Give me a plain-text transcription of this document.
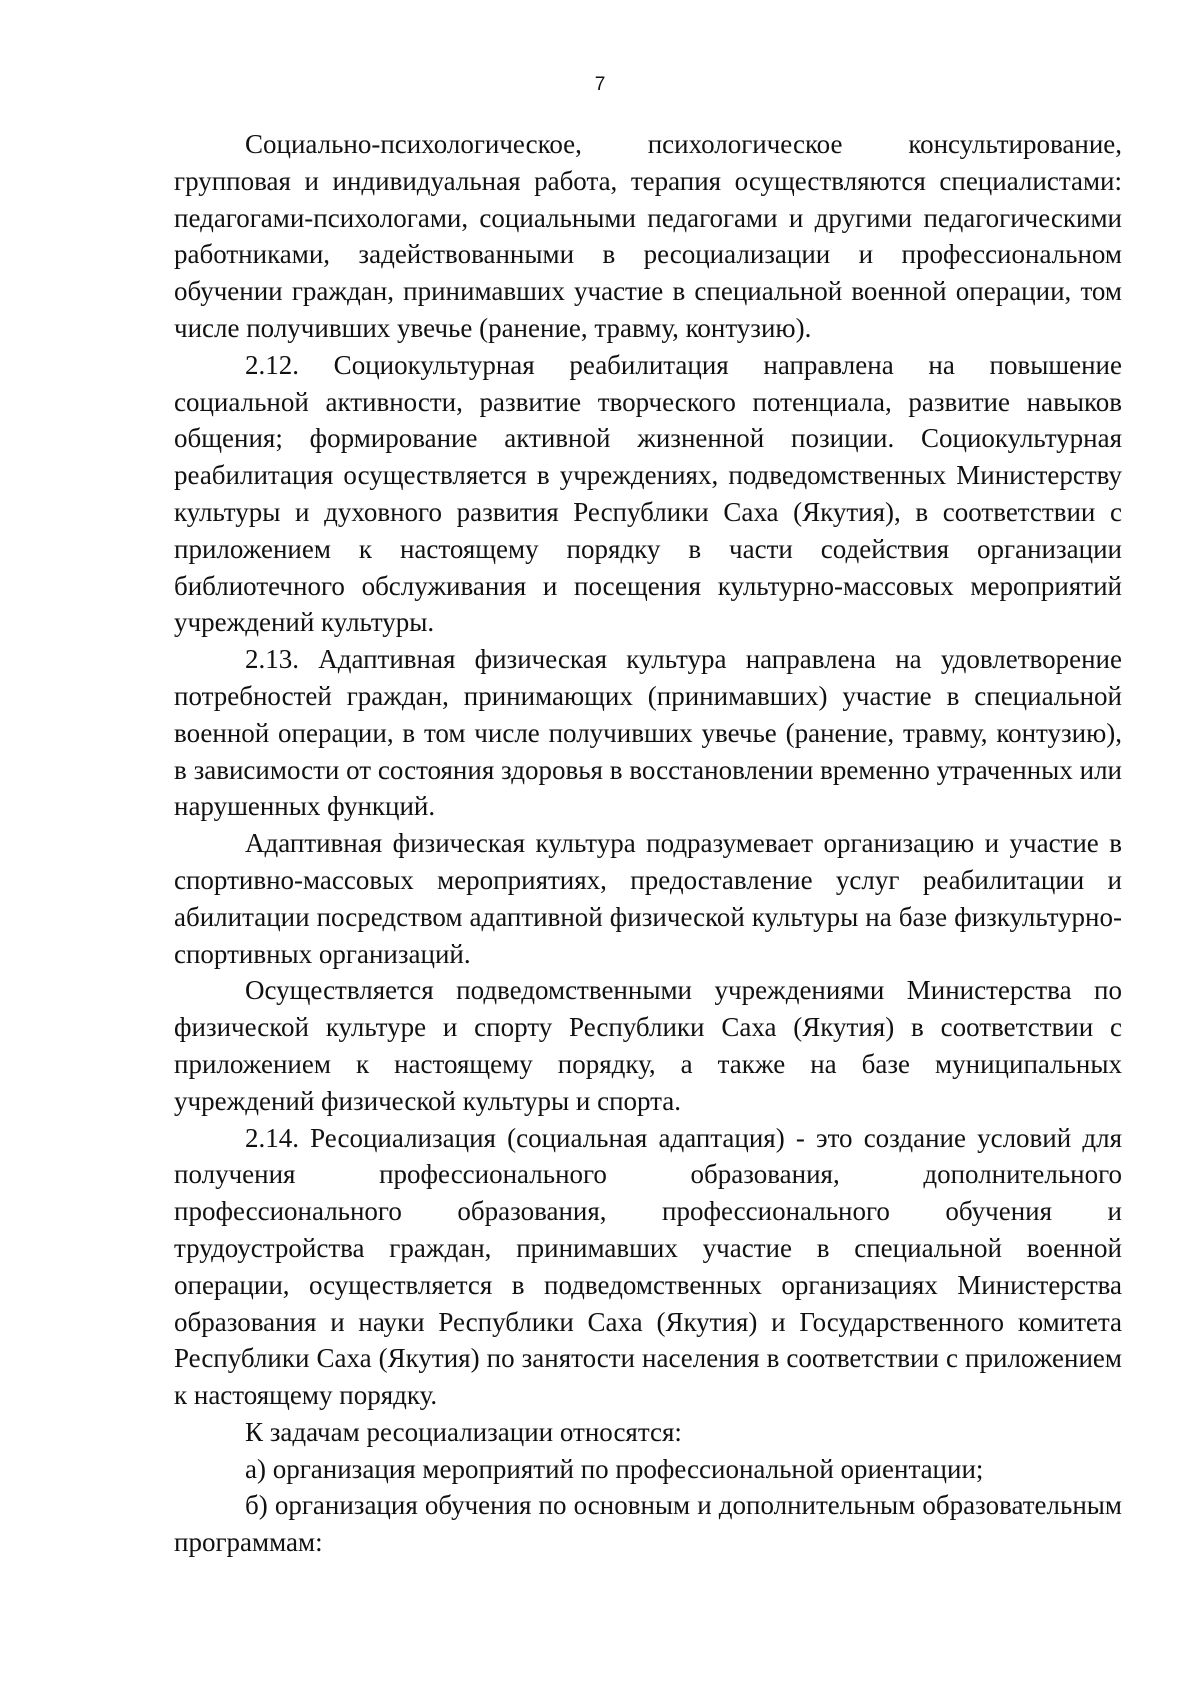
7

Социально-психологическое, психологическое консультирование, групповая и индивидуальная работа, терапия осуществляются специалистами: педагогами-психологами, социальными педагогами и другими педагогическими работниками, задействованными в ресоциализации и профессиональном обучении граждан, принимавших участие в специальной военной операции, том числе получивших увечье (ранение, травму, контузию).

2.12. Социокультурная реабилитация направлена на повышение социальной активности, развитие творческого потенциала, развитие навыков общения; формирование активной жизненной позиции. Социокультурная реабилитация осуществляется в учреждениях, подведомственных Министерству культуры и духовного развития Республики Саха (Якутия), в соответствии с приложением к настоящему порядку в части содействия организации библиотечного обслуживания и посещения культурно-массовых мероприятий учреждений культуры.

2.13. Адаптивная физическая культура направлена на удовлетворение потребностей граждан, принимающих (принимавших) участие в специальной военной операции, в том числе получивших увечье (ранение, травму, контузию), в зависимости от состояния здоровья в восстановлении временно утраченных или нарушенных функций.

Адаптивная физическая культура подразумевает организацию и участие в спортивно-массовых мероприятиях, предоставление услуг реабилитации и абилитации посредством адаптивной физической культуры на базе физкультурно-спортивных организаций.

Осуществляется подведомственными учреждениями Министерства по физической культуре и спорту Республики Саха (Якутия) в соответствии с приложением к настоящему порядку, а также на базе муниципальных учреждений физической культуры и спорта.

2.14. Ресоциализация (социальная адаптация) - это создание условий для получения профессионального образования, дополнительного профессионального образования, профессионального обучения и трудоустройства граждан, принимавших участие в специальной военной операции, осуществляется в подведомственных организациях Министерства образования и науки Республики Саха (Якутия) и Государственного комитета Республики Саха (Якутия) по занятости населения в соответствии с приложением к настоящему порядку.

К задачам ресоциализации относятся:

а) организация мероприятий по профессиональной ориентации;

б) организация обучения по основным и дополнительным образовательным программам:
